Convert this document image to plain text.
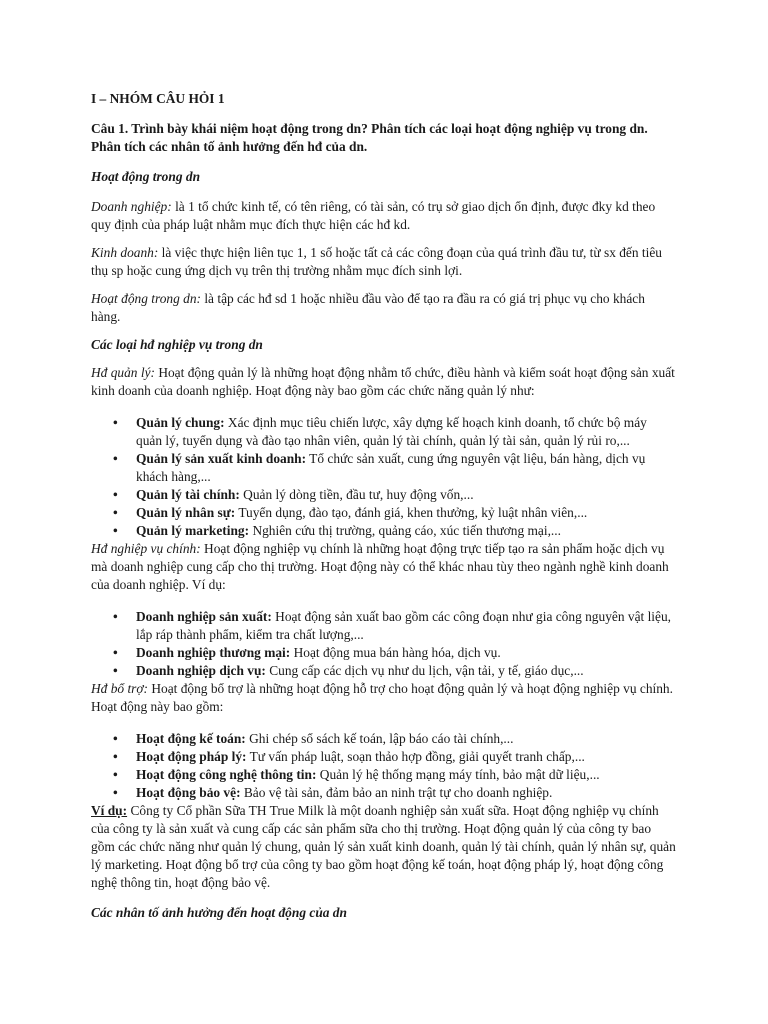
I – NHÓM CÂU HỎI 1

Câu 1. Trình bày khái niệm hoạt động trong dn? Phân tích các loại hoạt động nghiệp vụ trong dn. Phân tích các nhân tố ảnh hưởng đến hđ của dn.

Hoạt động trong dn

Doanh nghiệp: là 1 tổ chức kinh tế, có tên riêng, có tài sản, có trụ sở giao dịch ổn định, được đky kd theo quy định của pháp luật nhằm mục đích thực hiện các hđ kd.

Kinh doanh: là việc thực hiện liên tục 1, 1 số hoặc tất cả các công đoạn của quá trình đầu tư, từ sx đến tiêu thụ sp hoặc cung ứng dịch vụ trên thị trường nhằm mục đích sinh lợi.

Hoạt động trong dn: là tập các hđ sd 1 hoặc nhiều đầu vào để tạo ra đầu ra có giá trị phục vụ cho khách hàng.

Các loại hđ nghiệp vụ trong dn

Hđ quản lý: Hoạt động quản lý là những hoạt động nhằm tổ chức, điều hành và kiểm soát hoạt động sản xuất kinh doanh của doanh nghiệp. Hoạt động này bao gồm các chức năng quản lý như:

• Quản lý chung: Xác định mục tiêu chiến lược, xây dựng kế hoạch kinh doanh, tổ chức bộ máy quản lý, tuyển dụng và đào tạo nhân viên, quản lý tài chính, quản lý tài sản, quản lý rủi ro,...
• Quản lý sản xuất kinh doanh: Tổ chức sản xuất, cung ứng nguyên vật liệu, bán hàng, dịch vụ khách hàng,...
• Quản lý tài chính: Quản lý dòng tiền, đầu tư, huy động vốn,...
• Quản lý nhân sự: Tuyển dụng, đào tạo, đánh giá, khen thưởng, kỷ luật nhân viên,...
• Quản lý marketing: Nghiên cứu thị trường, quảng cáo, xúc tiến thương mại,...

Hđ nghiệp vụ chính: Hoạt động nghiệp vụ chính là những hoạt động trực tiếp tạo ra sản phẩm hoặc dịch vụ mà doanh nghiệp cung cấp cho thị trường. Hoạt động này có thể khác nhau tùy theo ngành nghề kinh doanh của doanh nghiệp. Ví dụ:

• Doanh nghiệp sản xuất: Hoạt động sản xuất bao gồm các công đoạn như gia công nguyên vật liệu, lắp ráp thành phẩm, kiểm tra chất lượng,...
• Doanh nghiệp thương mại: Hoạt động mua bán hàng hóa, dịch vụ.
• Doanh nghiệp dịch vụ: Cung cấp các dịch vụ như du lịch, vận tải, y tế, giáo dục,...

Hđ bổ trợ: Hoạt động bổ trợ là những hoạt động hỗ trợ cho hoạt động quản lý và hoạt động nghiệp vụ chính. Hoạt động này bao gồm:

• Hoạt động kế toán: Ghi chép sổ sách kế toán, lập báo cáo tài chính,...
• Hoạt động pháp lý: Tư vấn pháp luật, soạn thảo hợp đồng, giải quyết tranh chấp,...
• Hoạt động công nghệ thông tin: Quản lý hệ thống mạng máy tính, bảo mật dữ liệu,...
• Hoạt động bảo vệ: Bảo vệ tài sản, đảm bảo an ninh trật tự cho doanh nghiệp.

Ví dụ: Công ty Cổ phần Sữa TH True Milk là một doanh nghiệp sản xuất sữa. Hoạt động nghiệp vụ chính của công ty là sản xuất và cung cấp các sản phẩm sữa cho thị trường. Hoạt động quản lý của công ty bao gồm các chức năng như quản lý chung, quản lý sản xuất kinh doanh, quản lý tài chính, quản lý nhân sự, quản lý marketing. Hoạt động bổ trợ của công ty bao gồm hoạt động kế toán, hoạt động pháp lý, hoạt động công nghệ thông tin, hoạt động bảo vệ.

Các nhân tố ảnh hưởng đến hoạt động của dn
